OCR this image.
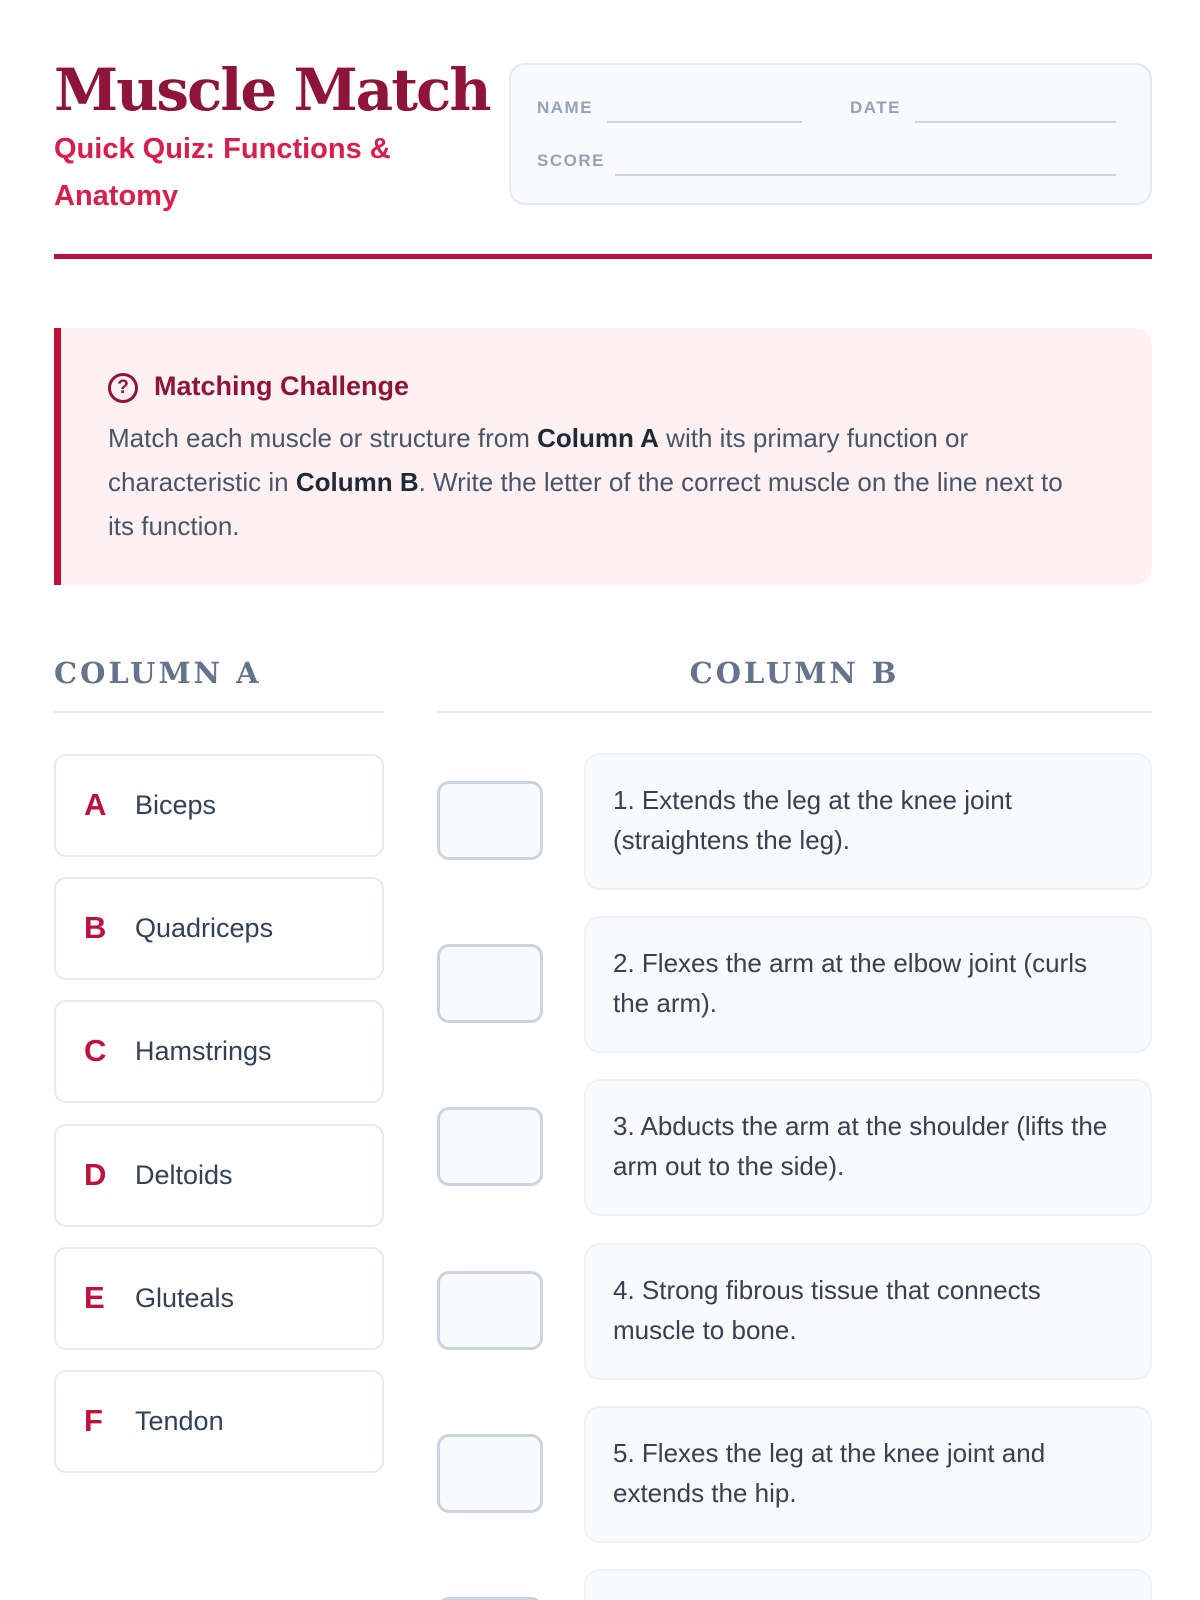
Muscle Match
Quick Quiz: Functions & Anatomy
NAME	DATE
SCORE
? Matching Challenge
Match each muscle or structure from Column A with its primary function or characteristic in Column B. Write the letter of the correct muscle on the line next to its function.
COLUMN A	COLUMN B
A Biceps
B Quadriceps
C Hamstrings
D Deltoids
E Gluteals
F Tendon
1. Extends the leg at the knee joint (straightens the leg).
2. Flexes the arm at the elbow joint (curls the arm).
3. Abducts the arm at the shoulder (lifts the arm out to the side).
4. Strong fibrous tissue that connects muscle to bone.
5. Flexes the leg at the knee joint and extends the hip.
